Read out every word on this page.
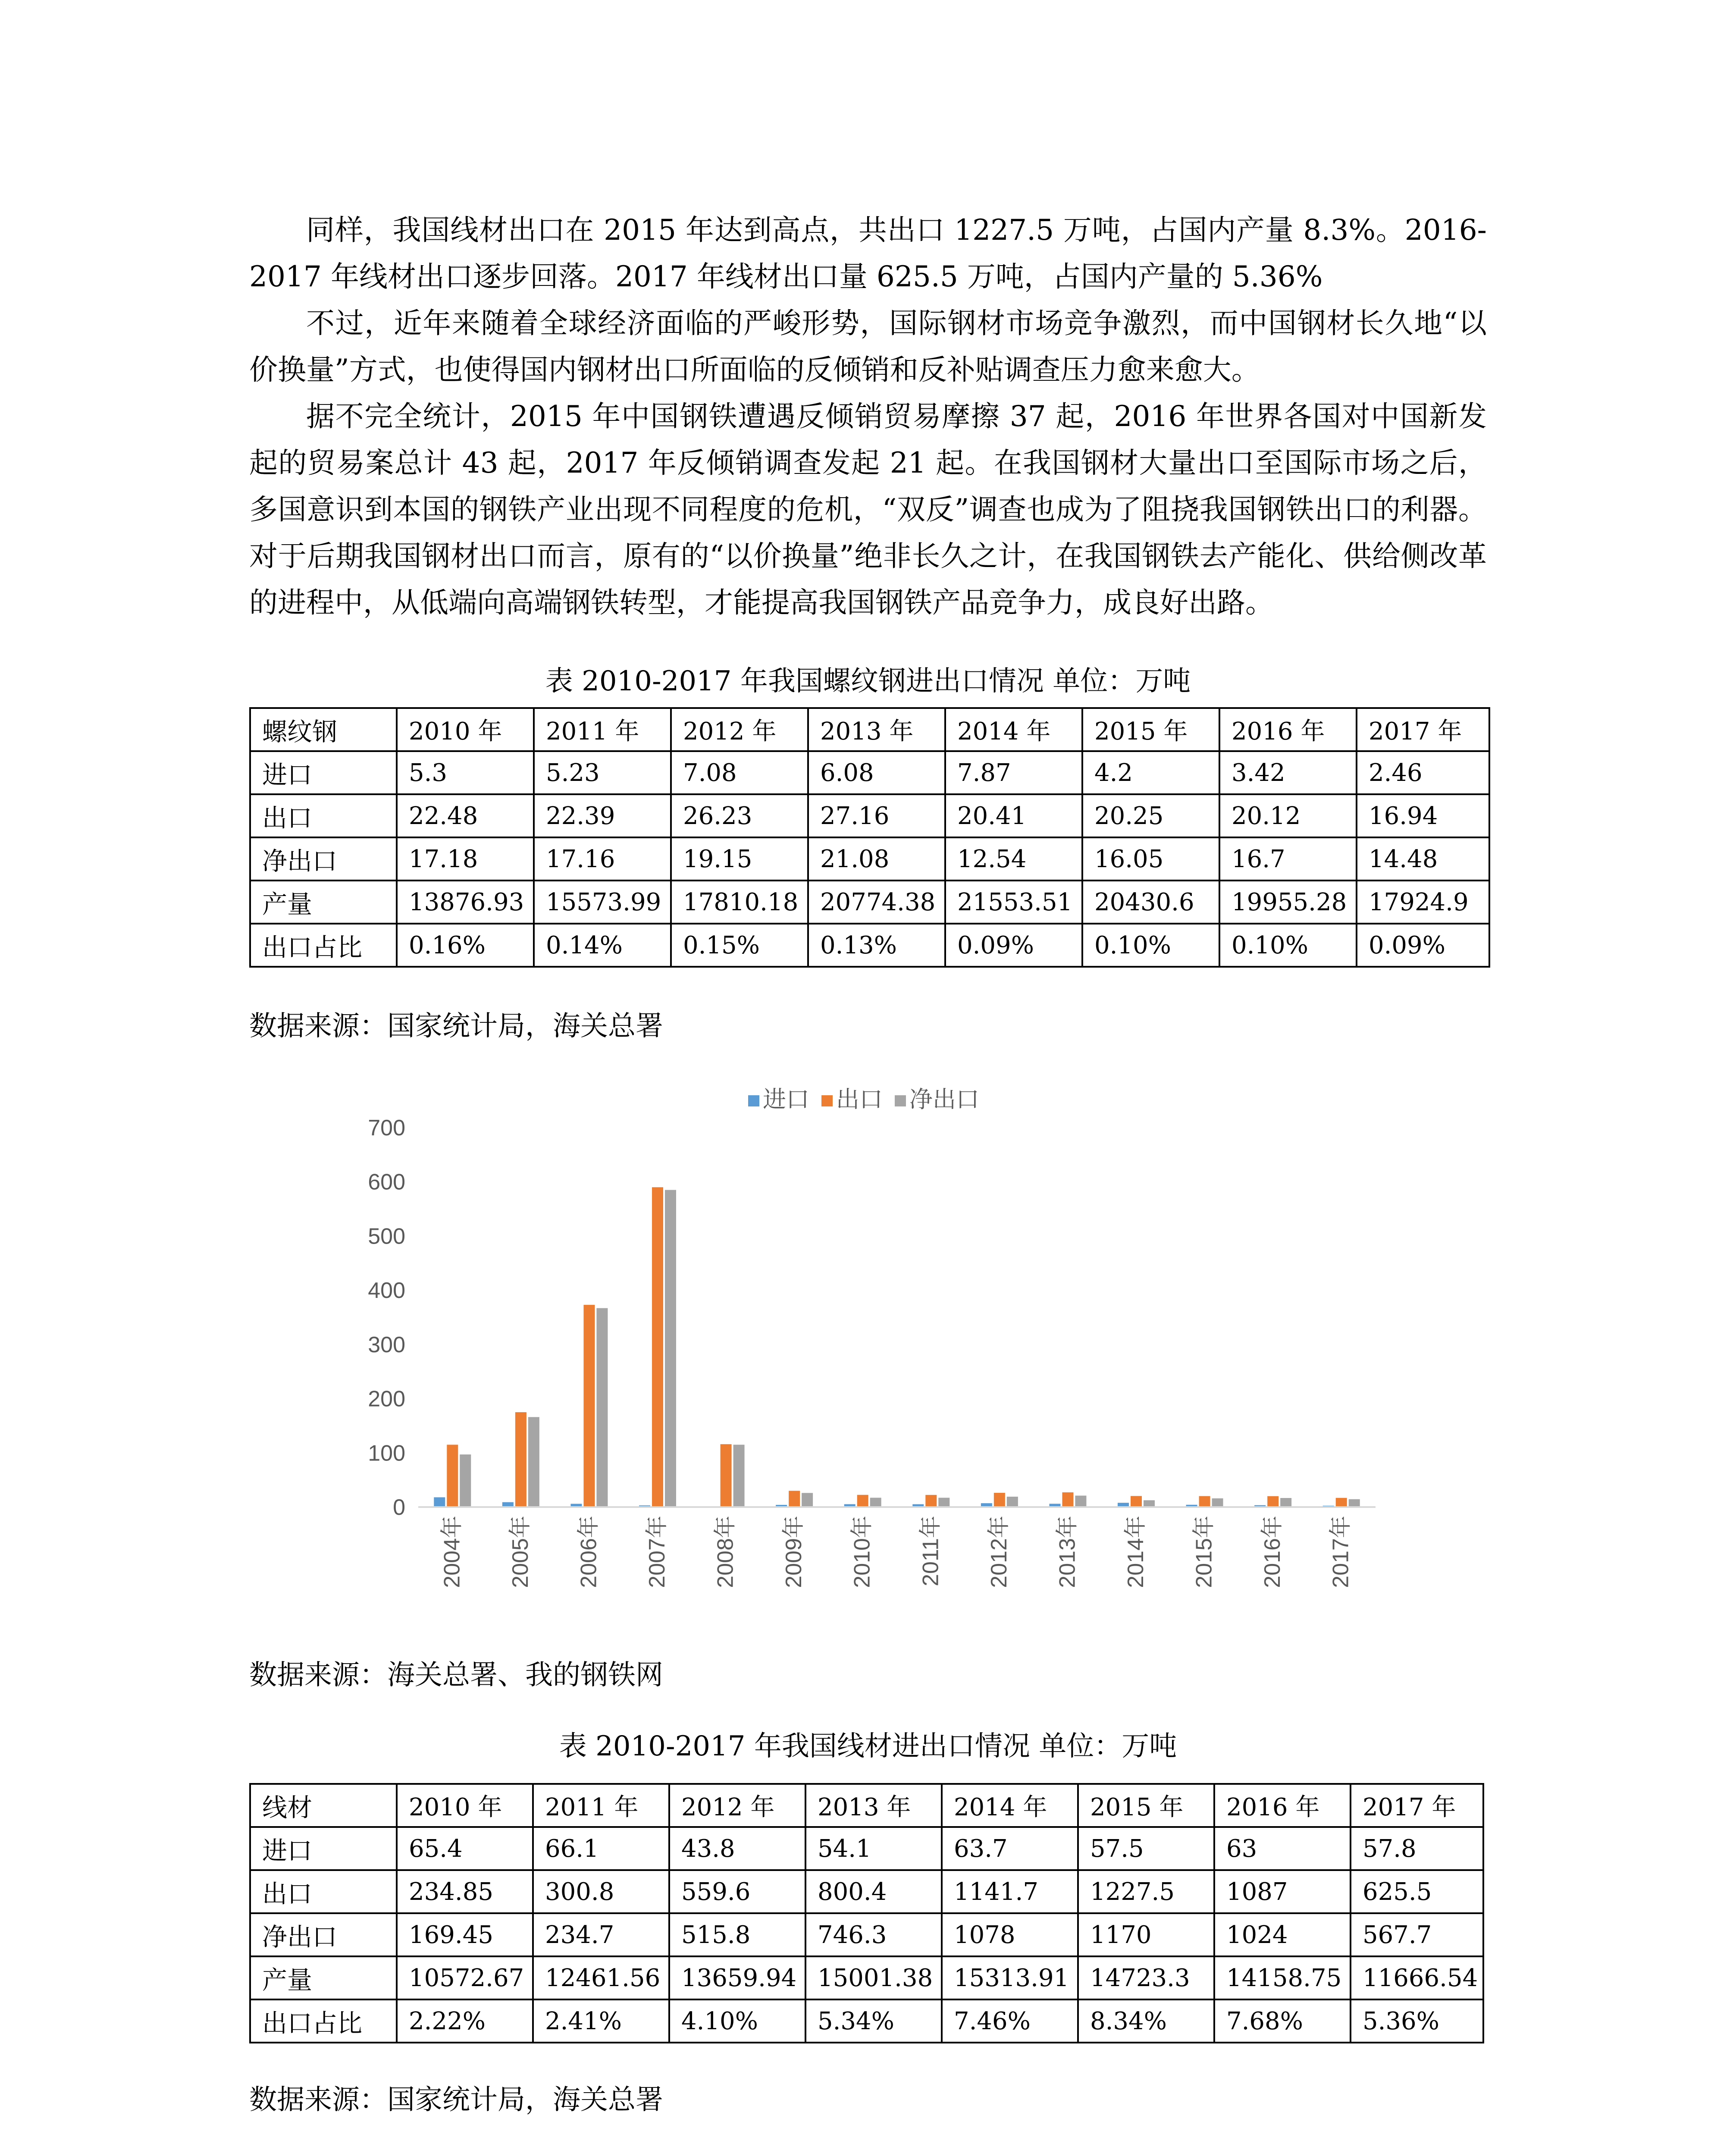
同样，我国线材出口在 2015 年达到高点，共出口 1227.5 万吨，占国内产量 8.3%。2016-2017 年线材出口逐步回落。2017 年线材出口量 625.5 万吨，占国内产量的 5.36%

不过，近年来随着全球经济面临的严峻形势，国际钢材市场竞争激烈，而中国钢材长久地“以价换量”方式，也使得国内钢材出口所面临的反倾销和反补贴调查压力愈来愈大。

据不完全统计，2015 年中国钢铁遭遇反倾销贸易摩擦 37 起，2016 年世界各国对中国新发起的贸易案总计 43 起，2017 年反倾销调查发起 21 起。在我国钢材大量出口至国际市场之后，多国意识到本国的钢铁产业出现不同程度的危机，“双反”调查也成为了阻挠我国钢铁出口的利器。对于后期我国钢材出口而言，原有的“以价换量”绝非长久之计，在我国钢铁去产能化、供给侧改革的进程中，从低端向高端钢铁转型，才能提高我国钢铁产品竞争力，成良好出路。

表 2010-2017 年我国螺纹钢进出口情况 单位：万吨

螺纹钢	2010 年	2011 年	2012 年	2013 年	2014 年	2015 年	2016 年	2017 年
进口	5.3	5.23	7.08	6.08	7.87	4.2	3.42	2.46
出口	22.48	22.39	26.23	27.16	20.41	20.25	20.12	16.94
净出口	17.18	17.16	19.15	21.08	12.54	16.05	16.7	14.48
产量	13876.93	15573.99	17810.18	20774.38	21553.51	20430.6	19955.28	17924.9
出口占比	0.16%	0.14%	0.15%	0.13%	0.09%	0.10%	0.10%	0.09%

数据来源：国家统计局，海关总署

进口 出口 净出口
0
100
200
300
400
500
600
700
2004年 2005年 2006年 2007年 2008年 2009年 2010年 2011年 2012年 2013年 2014年 2015年 2016年 2017年

数据来源：海关总署、我的钢铁网

表 2010-2017 年我国线材进出口情况 单位：万吨

线材	2010 年	2011 年	2012 年	2013 年	2014 年	2015 年	2016 年	2017 年
进口	65.4	66.1	43.8	54.1	63.7	57.5	63	57.8
出口	234.85	300.8	559.6	800.4	1141.7	1227.5	1087	625.5
净出口	169.45	234.7	515.8	746.3	1078	1170	1024	567.7
产量	10572.67	12461.56	13659.94	15001.38	15313.91	14723.3	14158.75	11666.54
出口占比	2.22%	2.41%	4.10%	5.34%	7.46%	8.34%	7.68%	5.36%

数据来源：国家统计局，海关总署
